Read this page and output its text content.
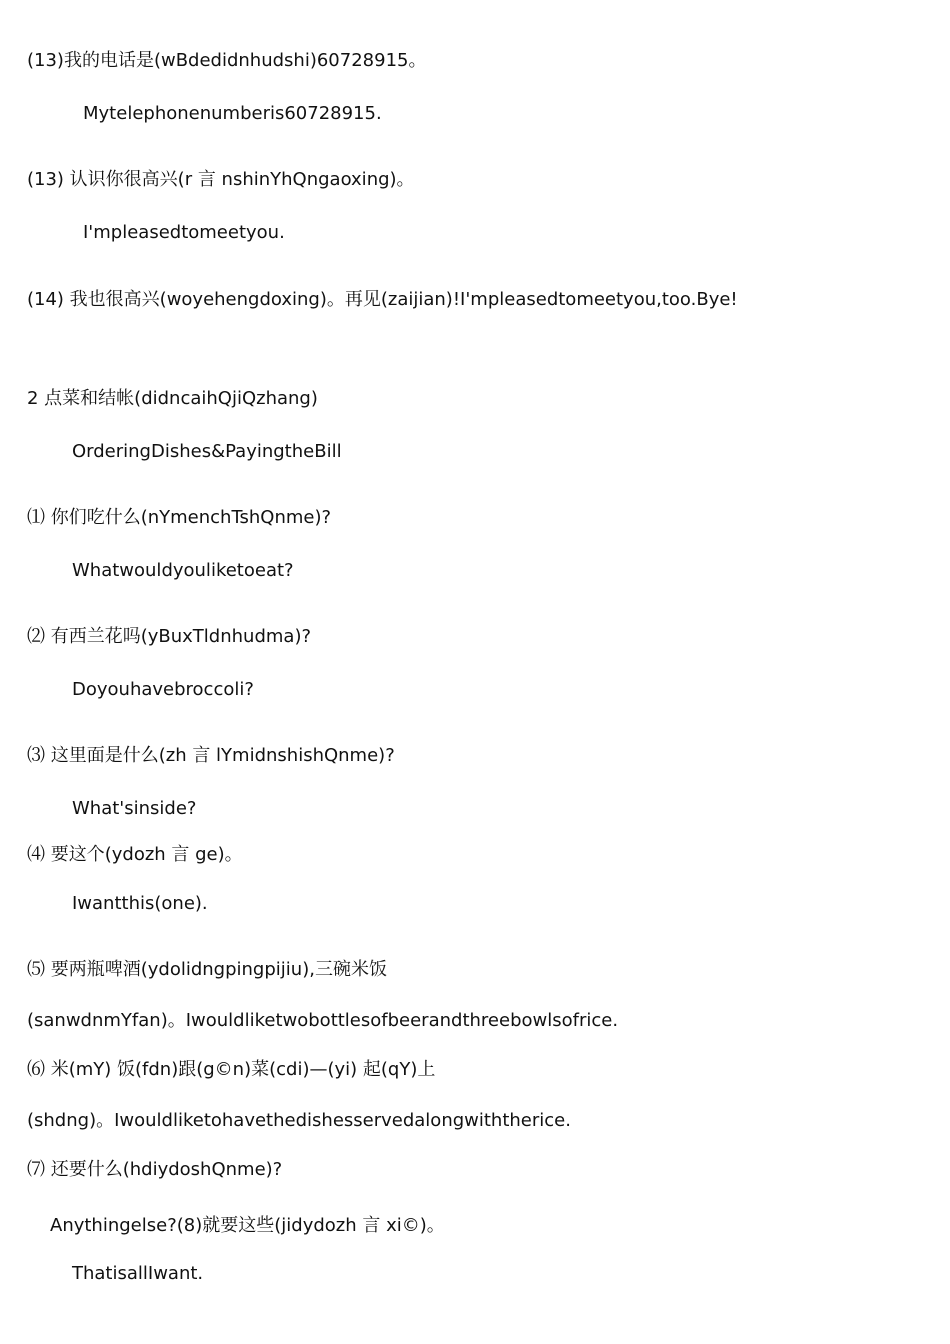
(13)我的电话是(wBdedidnhudshi)60728915。
Mytelephonenumberis60728915.
(13) 认识你很高兴(r 言 nshinYhQngaoxing)。
I'mpleasedtomeetyou.
(14) 我也很高兴(woyehengdoxing)。再见(zaijian)!I'mpleasedtomeetyou,too.Bye!
2 点菜和结帐(didncaihQjiQzhang)
OrderingDishes&PayingtheBill
⑴ 你们吃什么(nYmenchTshQnme)?
Whatwouldyouliketoeat?
⑵ 有西兰花吗(yBuxTldnhudma)?
Doyouhavebroccoli?
⑶ 这里面是什么(zh 言 lYmidnshishQnme)?
What'sinside?
⑷ 要这个(ydozh 言 ge)。
Iwantthis(one).
⑸ 要两瓶啤酒(ydolidngpingpijiu),三碗米饭
(sanwdnmYfan)。Iwouldliketwobottlesofbeerandthreebowlsofrice.
⑹ 米(mY) 饭(fdn)跟(g©n)菜(cdi)—(yi) 起(qY)上
(shdng)。Iwouldliketohavethedishesservedalongwiththerice.
⑺ 还要什么(hdiydoshQnme)?
Anythingelse?(8)就要这些(jidydozh 言 xi©)。
ThatisallIwant.
